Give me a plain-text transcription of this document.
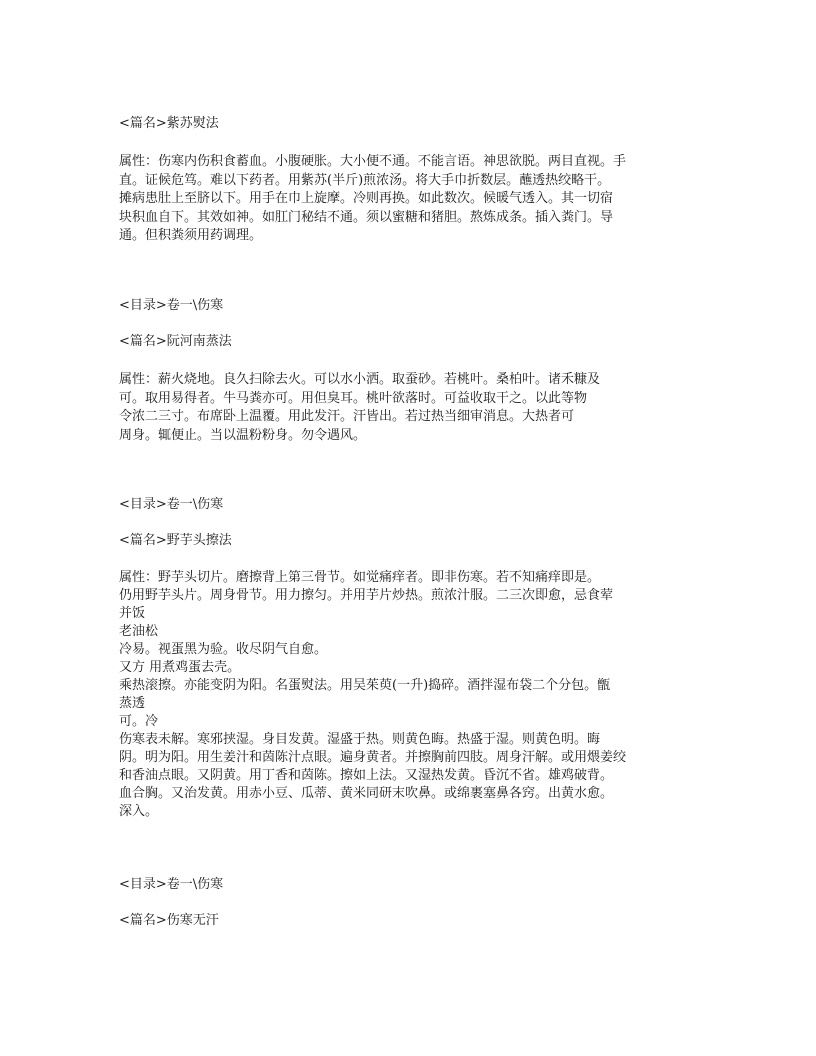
<篇名>紫苏熨法
属性：伤寒内伤积食蓄血。小腹硬胀。大小便不通。不能言语。神思欲脱。两目直视。手
直。证候危笃。难以下药者。用紫苏(半斤)煎浓汤。将大手巾折数层。蘸透热绞略干。
摊病患肚上至脐以下。用手在巾上旋摩。冷则再换。如此数次。候暖气透入。其一切宿
块积血自下。其效如神。如肛门秘结不通。须以蜜糖和猪胆。熬炼成条。插入粪门。导
通。但积粪须用药调理。
<目录>卷一\伤寒
<篇名>阮河南蒸法
属性：薪火烧地。良久扫除去火。可以水小洒。取蚕砂。若桃叶。桑柏叶。诸禾糠及
可。取用易得者。牛马粪亦可。用但臭耳。桃叶欲落时。可益收取干之。以此等物
令浓二三寸。布席卧上温覆。用此发汗。汗皆出。若过热当细审消息。大热者可
周身。辄便止。当以温粉粉身。勿令遇风。
<目录>卷一\伤寒
<篇名>野芋头擦法
属性：野芋头切片。磨擦背上第三骨节。如觉痛痒者。即非伤寒。若不知痛痒即是。
仍用野芋头片。周身骨节。用力擦匀。并用芋片炒热。煎浓汁服。二三次即愈，忌食荤
并饭
老油松
冷易。视蛋黑为验。收尽阴气自愈。
又方 用煮鸡蛋去壳。
乘热滚擦。亦能变阴为阳。名蛋熨法。用吴茱萸(一升)捣碎。酒拌湿布袋二个分包。甑
蒸透
可。冷
伤寒表未解。寒邪挟湿。身目发黄。湿盛于热。则黄色晦。热盛于湿。则黄色明。晦
阴。明为阳。用生姜汁和茵陈汁点眼。遍身黄者。并擦胸前四肢。周身汗解。或用煨姜绞
和香油点眼。又阴黄。用丁香和茵陈。擦如上法。又湿热发黄。昏沉不省。雄鸡破背。
血合胸。又治发黄。用赤小豆、瓜蒂、黄米同研末吹鼻。或绵裹塞鼻各窍。出黄水愈。
深入。
<目录>卷一\伤寒
<篇名>伤寒无汗
